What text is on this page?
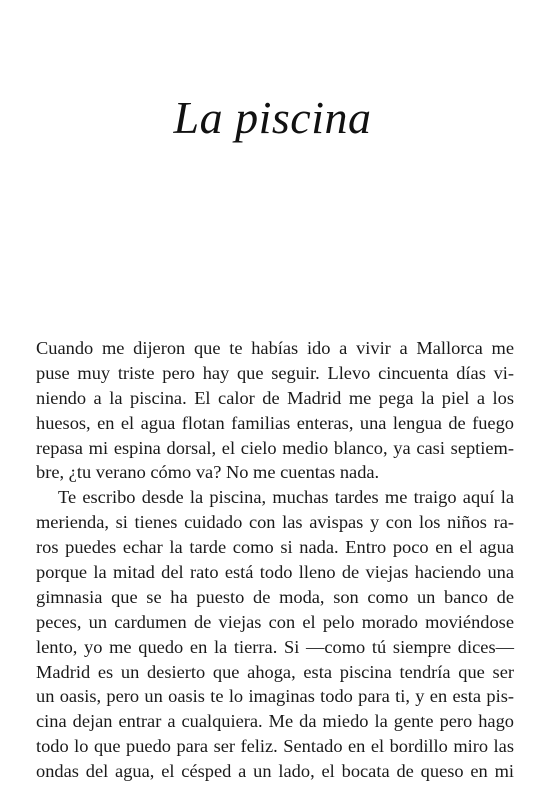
La piscina
Cuando me dijeron que te habías ido a vivir a Mallorca me
puse muy triste pero hay que seguir. Llevo cincuenta días vi-
niendo a la piscina. El calor de Madrid me pega la piel a los
huesos, en el agua flotan familias enteras, una lengua de fuego
repasa mi espina dorsal, el cielo medio blanco, ya casi septiem-
bre, ¿tu verano cómo va? No me cuentas nada.
Te escribo desde la piscina, muchas tardes me traigo aquí la
merienda, si tienes cuidado con las avispas y con los niños ra-
ros puedes echar la tarde como si nada. Entro poco en el agua
porque la mitad del rato está todo lleno de viejas haciendo una
gimnasia que se ha puesto de moda, son como un banco de
peces, un cardumen de viejas con el pelo morado moviéndose
lento, yo me quedo en la tierra. Si —como tú siempre dices—
Madrid es un desierto que ahoga, esta piscina tendría que ser
un oasis, pero un oasis te lo imaginas todo para ti, y en esta pis-
cina dejan entrar a cualquiera. Me da miedo la gente pero hago
todo lo que puedo para ser feliz. Sentado en el bordillo miro las
ondas del agua, el césped a un lado, el bocata de queso en mi
